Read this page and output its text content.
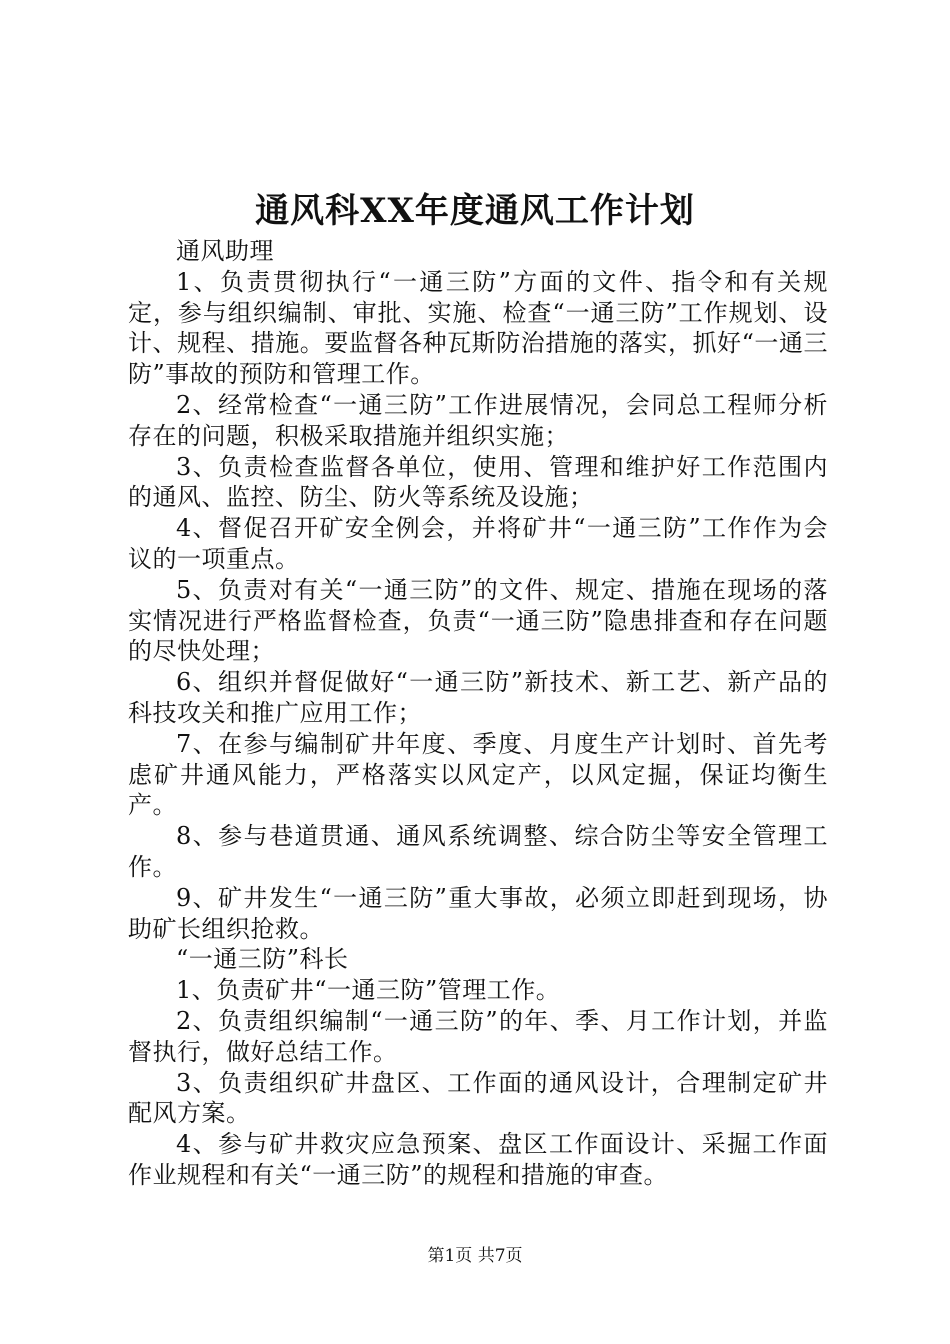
通风科XX年度通风工作计划

通风助理

1、负责贯彻执行“一通三防”方面的文件、指令和有关规定，参与组织编制、审批、实施、检查“一通三防”工作规划、设计、规程、措施。要监督各种瓦斯防治措施的落实，抓好“一通三防”事故的预防和管理工作。

2、经常检查“一通三防”工作进展情况，会同总工程师分析存在的问题，积极采取措施并组织实施；

3、负责检查监督各单位，使用、管理和维护好工作范围内的通风、监控、防尘、防火等系统及设施；

4、督促召开矿安全例会，并将矿井“一通三防”工作作为会议的一项重点。

5、负责对有关“一通三防”的文件、规定、措施在现场的落实情况进行严格监督检查，负责“一通三防”隐患排查和存在问题的尽快处理；

6、组织并督促做好“一通三防”新技术、新工艺、新产品的科技攻关和推广应用工作；

7、在参与编制矿井年度、季度、月度生产计划时、首先考虑矿井通风能力，严格落实以风定产，以风定掘，保证均衡生产。

8、参与巷道贯通、通风系统调整、综合防尘等安全管理工作。

9、矿井发生“一通三防”重大事故，必须立即赶到现场，协助矿长组织抢救。

“一通三防”科长

1、负责矿井“一通三防”管理工作。

2、负责组织编制“一通三防”的年、季、月工作计划，并监督执行，做好总结工作。

3、负责组织矿井盘区、工作面的通风设计，合理制定矿井配风方案。

4、参与矿井救灾应急预案、盘区工作面设计、采掘工作面作业规程和有关“一通三防”的规程和措施的审查。

第1页 共7页
